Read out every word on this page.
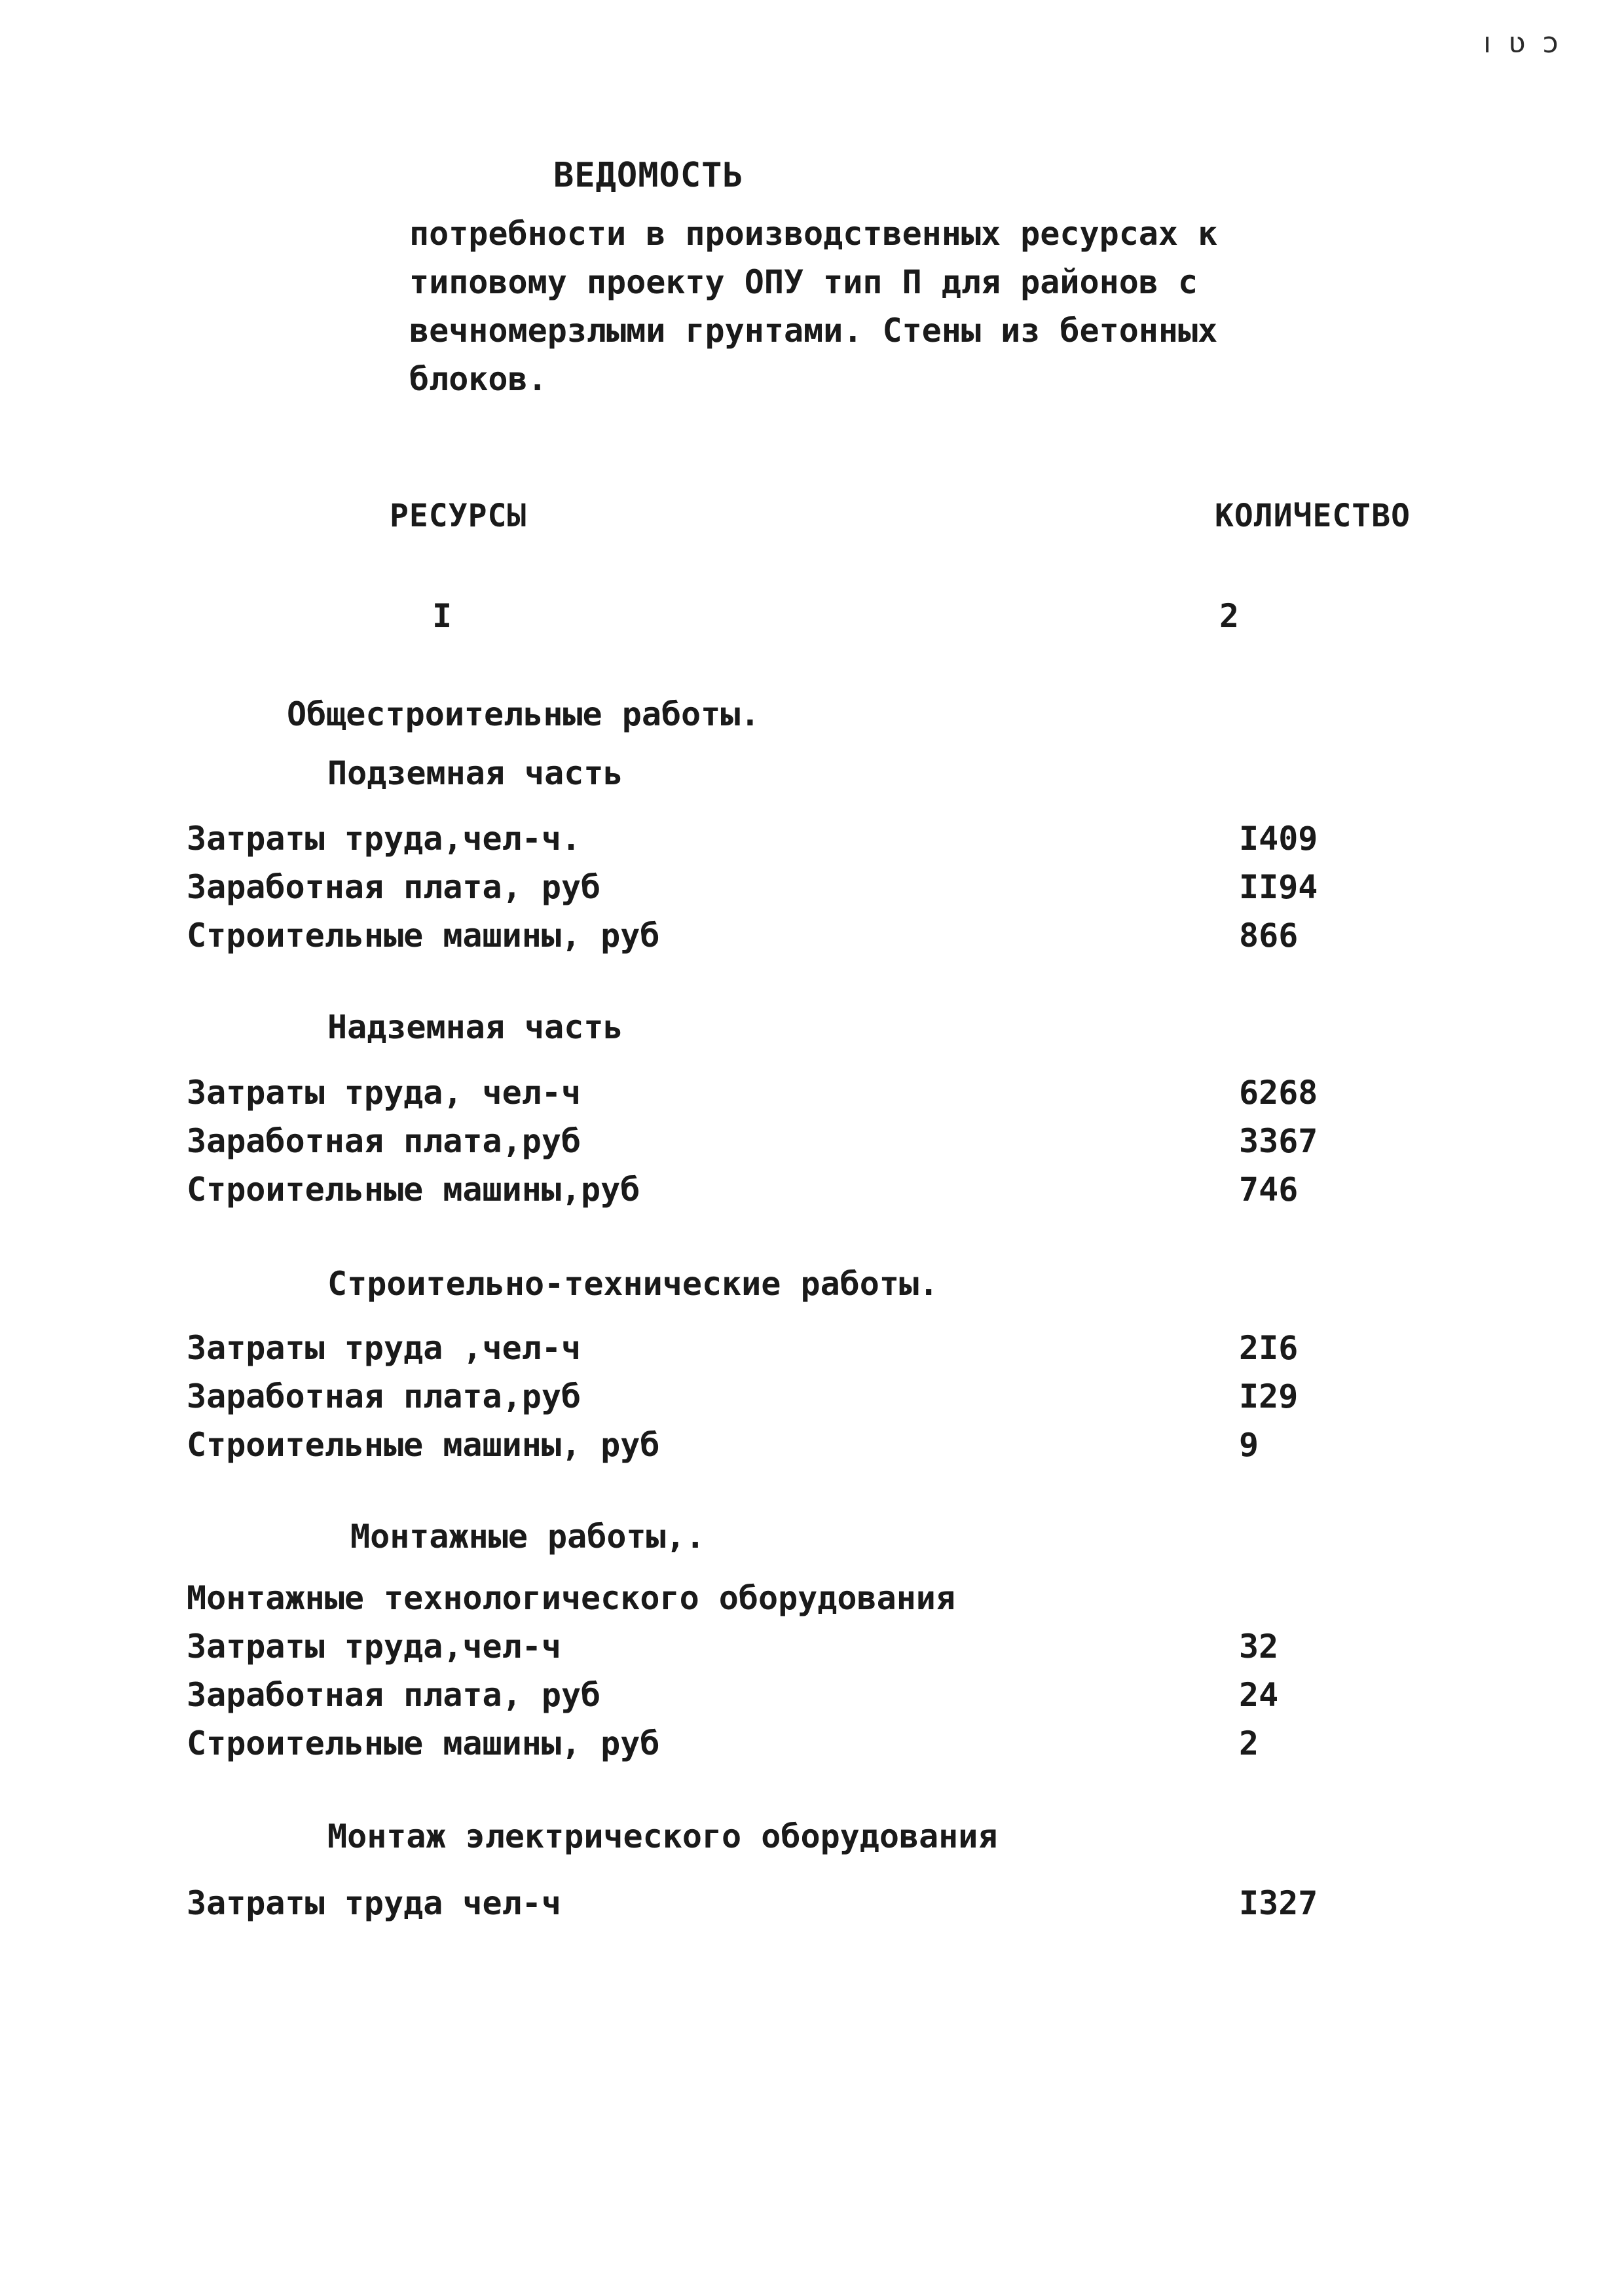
ı ʋ ɔ
ВЕДОМОСТЬ
потребности в производственных ресурсах к
типовому проекту ОПУ тип П для районов с
вечномерзлыми грунтами. Стены из бетонных
блоков.
РЕСУРСЫ	КОЛИЧЕСТВО
I	2
Общестроительные работы.
Подземная часть
Затраты труда,чел-ч.	I409
Заработная плата, руб	II94
Строительные машины, руб	866
Надземная часть
Затраты труда, чел-ч	6268
Заработная плата,руб	3367
Строительные машины,руб	746
Строительно-технические работы.
Затраты труда ,чел-ч	2I6
Заработная плата,руб	I29
Строительные машины, руб	9
Монтажные работы,.
Монтажные технологического оборудования
Затраты труда,чел-ч	32
Заработная плата, руб	24
Строительные машины, руб	2
Монтаж электрического оборудования
Затраты труда чел-ч	I327
